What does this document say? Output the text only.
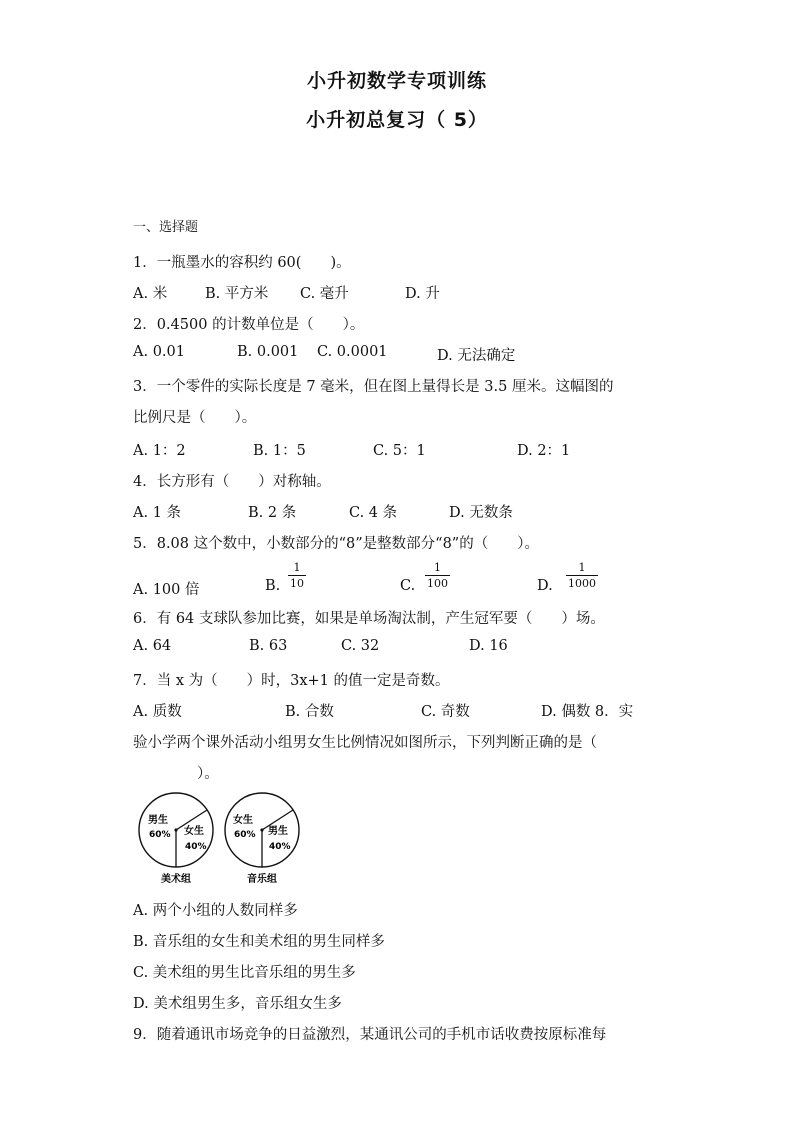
小升初数学专项训练
小升初总复习（ 5）
一、选择题
1．一瓶墨水的容积约 60(　　)。
A. 米	B. 平方米 C. 毫升	D. 升
2．0.4500 的计数单位是（　　）。
A. 0.01	B. 0.001 C. 0.0001	D. 无法确定
3．一个零件的实际长度是 7 毫米，但在图上量得长是 3.5 厘米。这幅图的
比例尺是（　　）。
A. 1：2	B. 1：5	C. 5：1	D. 2：1
4．长方形有（　　）对称轴。
A. 1 条	B. 2 条	C. 4 条	D. 无数条
5．8.08 这个数中，小数部分的“8”是整数部分“8”的（　　）。
A. 100 倍	B.
1
10	C.
1
100	D.
1
1000
6．有 64 支球队参加比赛，如果是单场淘汰制，产生冠军要（　　）场。
A. 64	B. 63	C. 32	D. 16
7．当 x 为（　　）时，3x+1 的值一定是奇数。
A. 质数	B. 合数	C. 奇数	D. 偶数 8．实
验小学两个课外活动小组男女生比例情况如图所示，下列判断正确的是（
）。
男生
60% 女生
40%
美术组
女生
60% 男生
40%
音乐组
A. 两个小组的人数同样多
B. 音乐组的女生和美术组的男生同样多
C. 美术组的男生比音乐组的男生多
D. 美术组男生多，音乐组女生多
9．随着通讯市场竞争的日益激烈，某通讯公司的手机市话收费按原标准每
